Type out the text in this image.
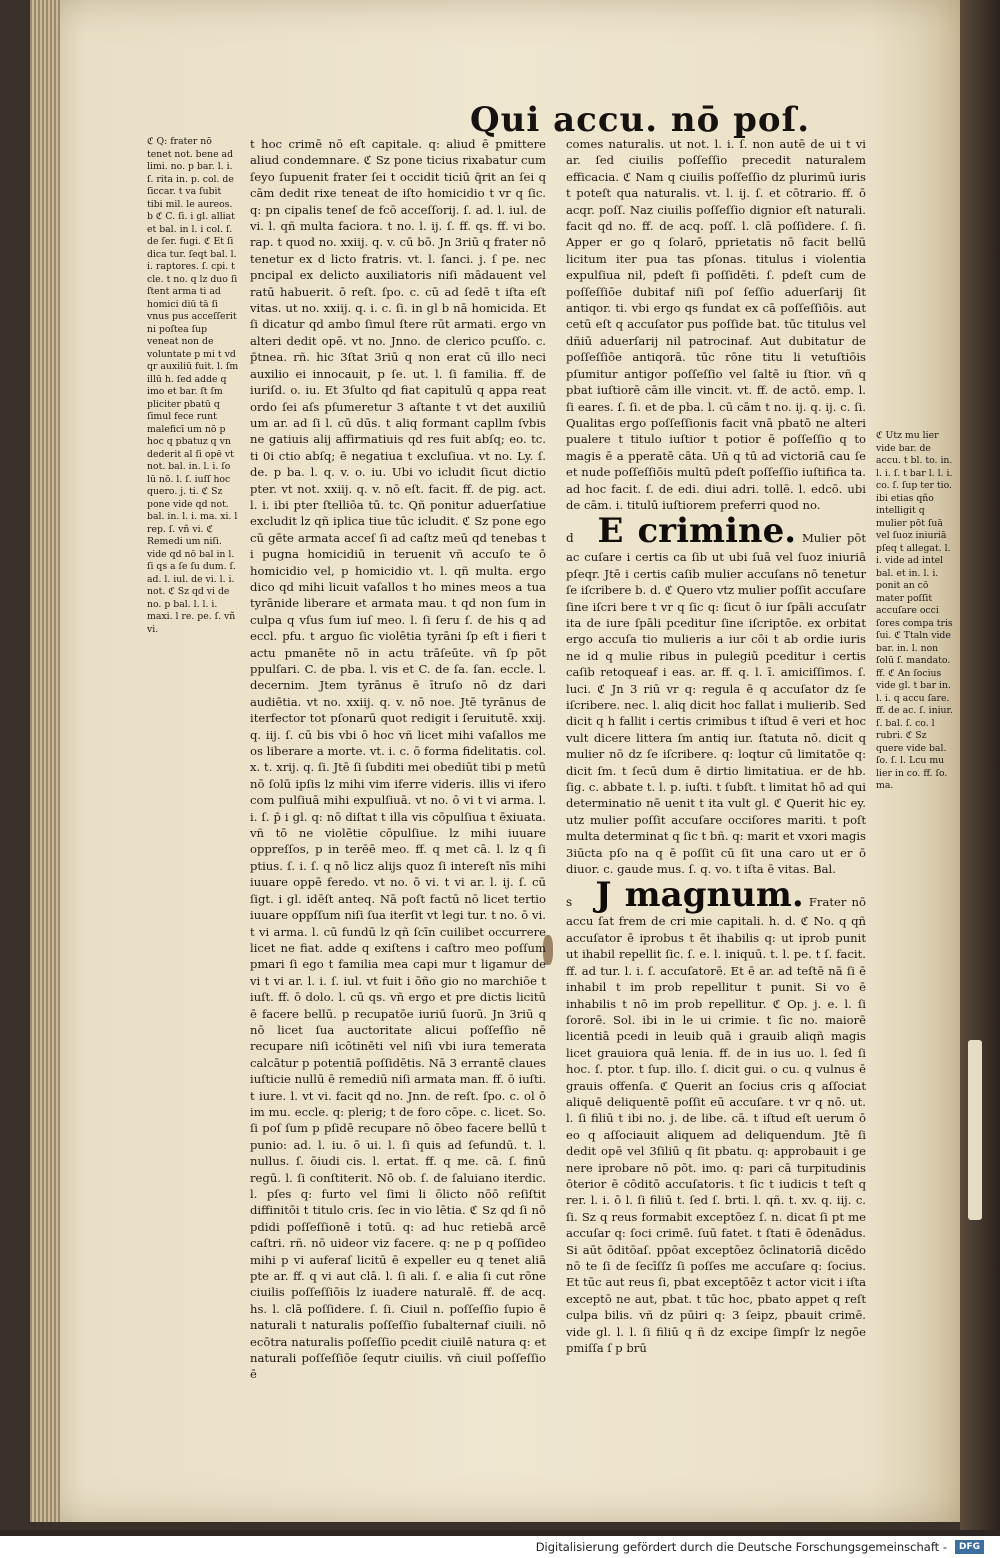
Qui accu. nō poſ.
ℭ Q: frater nō tenet not. bene ad limi. no. p bar. l. i. ſ. rita in. p. col. de ſiccar. t va ſubit tibi mil. le aureos. b ℭ C. ſi. i gl. alliat et bal. in l. i col. ſ. de ſer. fugi. ℭ Et ſi dica tur. ſeqt bal. l. i. raptores. ſ. cpi. t cle. t no. q lz duo ſi ſtent arma ti ad homici diū tā ſi vnus pus acceſſerit ni poſtea ſup veneat non de voluntate p mi t vd qr auxiliū fuit. l. ſm illū h. ſed adde q imo et bar. ſt ſm pliciter pbatū q ſimul fece runt maleficī um nō p hoc q pbatuz q vn dederit al ſi opē vt not. bal. in. l. i. ſo lū nō. l. ſ. iuſſ hoc quero. j. ti. ℭ Sz pone vide qd not. bal. in. l. i. ma. xi. l rep. ſ. vñ vi. ℭ Remedi um niſi. vide qd nō bal in l. ſi qs a ſe ſu dum. ſ. ad. l. iul. de vi. l. i. not. ℭ Sz qd vi de no. p bal. l. l. i. maxi. l re. pe. ſ. vñ vi.
t hoc crimē nō eſt capitale. q: aliud ē pmittere aliud condemnare. ℭ Sz pone ticius rixabatur cum ſeyo ſupuenit frater ſei t occidit ticiū q̄rit an ſei q cām dedit rixe teneat de iſto homicidio t vr q ſic. q: pn cipalis teneſ de fcō acceſſorij. ſ. ad. l. iul. de vi. l. qñ multa faciora. t no. l. ij. ſ. ff. qs. ff. vi bo. rap. t quod no. xxiij. q. v. cū bō. Jn 3riū q frater nō tenetur ex d licto fratris. vt. l. ſanci. j. ſ pe. nec pncipal ex delicto auxiliatoris niſi mādauent vel ratū habuerit. ō reſt. ſpo. c. cū ad ſedē t iſta eſt vitas. ut no. xxiij. q. i. c. ſi. in gl b nā homicida. Et ſi dicatur qd ambo ſimul ſtere rūt armati. ergo vn alteri dedit opē. vt no. Jnno. de clerico pcuſſo. c. p̄tnea. rñ. hic 3ſtat 3riū q non erat cū illo neci auxilio ei innocauit, p ſe. ut. l. ſi familia. ff. de iuriſd. o. iu. Et 3ſulto qd fiat capitulū q appa reat ordo ſei aſs pſumeretur 3 aſtante t vt det auxiliū um ar. ad ſi l. cū dūs. t aliq formant capllm ſvbis ne gatiuis alij affirmatiuis qd res fuit abſq; eo. tc. ti 0i ctio abſq; ē negatiua t excluſiua. vt no. Ly. ſ. de. p ba. l. q. v. o. iu. Ubi vo icludit ſicut dictio pter. vt not. xxiij. q. v. nō eſt. facit. ff. de pig. act. l. i. ibi pter ſtelliōa tū. tc. Qñ ponitur aduerſatiue excludit lz qñ iplica tiue tūc icludit. ℭ Sz pone ego cū gēte armata acceſ ſi ad caſtz meū qd tenebas t i pugna homicidiū in teruenit vñ accuſo te ō homicidio vel, p homicidio vt. l. qñ multa. ergo dico qd mihi licuit vaſallos t ho mines meos a tua tyrānide liberare et armata mau. t qd non ſum in culpa q vſus ſum iuſ meo. l. ſi ſeru ſ. de his q ad eccl. pfu. t arguo ſic violētia tyrāni ſp eſt i fieri t actu pmanēte nō in actu trāſeūte. vñ ſp pōt ppulſari. C. de pba. l. vis et C. de ſa. ſan. eccle. l. decernim. Jtem tyrānus ē ītruſo nō dz dari audiētia. vt no. xxiij. q. v. nō noe. Jtē tyrānus de iterfector tot pſonarū quot redigit i ſeruitutē. xxij. q. iij. ſ. cū bis vbi ō hoc vñ licet mihi vaſallos me os liberare a morte. vt. i. c. ō forma fidelitatis. col. x. t. xrij. q. ſi. Jtē ſi ſubditi mei obediūt tibi p metū nō ſolū ipſis lz mihi vim iferre videris. illis vi ifero com pulſiuā mihi expulſiuā. vt no. ō vi t vi arma. l. i. ſ. p̄ i gl. q: nō diſtat t illa vis cōpulſiua t ēxiuata. vñ tō ne violētie cōpulſiue. lz mihi iuuare oppreſſos, p in terēē meo. ff. q met cā. l. lz q ſi ptius. ſ. i. ſ. q nō licz alijs quoz ſi intereſt nīs mihi iuuare oppē feredo. vt no. ō vi. t vi ar. l. ij. ſ. cū ſigt. i gl. idēſt anteq. Nā poſt factū nō licet tertio iuuare oppſſum niſi ſua iterſit vt legi tur. t no. ō vi. t vi arma. l. cū fundū lz qñ ſcīn cuilibet occurrere licet ne fiat. adde q exiſtens i caſtro meo poſſum pmari ſi ego t familia mea capi mur t ligamur de vi t vi ar. l. i. ſ. iul. vt fuit i ōño gio no marchiōe t iuſt. ff. ō dolo. l. cū qs. vñ ergo et pre dictis licitū ē facere bellū. p recupatōe iuriū ſuorū. Jn 3riū q nō licet ſua auctoritate alicui poſſeſſio nē recupare niſi icōtinēti vel niſi vbi iura temerata calcātur p potentiā poſſidētis. Nā 3 errantē claues iuſticie nullū ē remediū niſi armata man. ff. ō iuſti. t iure. l. vt vi. facit qd no. Jnn. de reſt. ſpo. c. ol ō im mu. eccle. q: plerig; t de foro cōpe. c. licet. So. ſi poſ ſum p pſidē recupare nō ōbeo facere bellū t punio: ad. l. iu. ō ui. l. ſi quis ad ſefundū. t. l. nullus. ſ. ōiudi cis. l. ertat. ff. q me. cā. ſ. finū regū. l. ſi conſtiterit. Nō ob. ſ. de ſaluiano iterdic. l. pſes q: furto vel ſimi li ōlicto nōō reſiſtit diffinitōi t titulo cris. ſec in vio lētia. ℭ Sz qd ſi nō pdidi poſſeſſionē i totū. q: ad huc retiebā arcē caſtri. rñ. nō uideor viz facere. q: ne p q poſſideo mihi p vi auferaſ licitū ē expeller eu q tenet aliā pte ar. ff. q vi aut clā. l. ſi ali. ſ. e alia ſi cut rōne ciuilis poſſeſſiōis lz iuadere naturalē. ff. de acq. hs. l. clā poſſidere. ſ. ſi. Ciuil n. poſſeſſio ſupio ē naturali t naturalis poſſeſſio ſubalternaf ciuili. nō ecōtra naturalis poſſeſſio pcedit ciuilē natura q: et naturali poſſeſſiōe ſequtr ciuilis. vñ ciuil poſſeſſio ē

comes naturalis. ut not. l. i. ſ. non autē de ui t vi ar. ſed ciuilis poſſeſſio precedit naturalem efficacia. ℭ Nam q ciuilis poſſeſſio dz plurimū iuris t poteſt qua naturalis. vt. l. ij. ſ. et cōtrario. ff. ō acqr. poſſ. Naz ciuilis poſſeſſio dignior eſt naturali. facit qd no. ff. de acq. poſſ. l. clā poſſidere. ſ. ſi. Apper er go q ſolarō, pprietatis nō facit bellū licitum iter pua tas pſonas. titulus i violentia expulſiua nil, pdeſt ſi poſſidēti. ſ. pdeſt cum de poſſeſſiōe dubitaf niſi poſ ſeſſio aduerſarij ſit antiqor. ti. vbi ergo qs fundat ex cā poſſeſſiōis. aut cetū eſt q accuſator pus poſſide bat. tūc titulus vel dñiū aduerſarij nil patrocinaf. Aut dubitatur de poſſeſſiōe antiqorā. tūc rōne titu li vetuſtiōis pſumitur antigor poſſeſſio vel ſaltē iu ſtior. vñ q pbat iuſtiorē cām ille vincit. vt. ff. de actō. emp. l. ſi eares. ſ. ſi. et de pba. l. cū cām t no. ij. q. ij. c. ſi. Qualitas ergo poſſeſſionis facit vnā pbatō ne alteri pualere t titulo iuſtior t potior ē poſſeſſio q to magis ē a pperatē cāta. Uñ q tū ad victoriā cau ſe et nude poſſeſſiōis multū pdeſt poſſeſſio iuſtifica ta. ad hoc facit. ſ. de edi. diui adri. tollē. l. edcō. ubi de cām. i. titulū iuſtiorem preferri quod no.

d E crimine. Mulier pōt ac cuſare i certis ca ſib ut ubi ſuā vel ſuoz iniuriā pſeqr. Jtē i certis caſib mulier accuſans nō tenetur ſe iſcribere b. d. ℭ Quero vtz mulier poſſit accuſare ſine iſcri bere t vr q ſic q: ſicut ō iur ſpāli accuſatr ita de iure ſpāli pceditur ſine iſcriptōe. ex orbitat ergo accuſa tio mulieris a iur cōi t ab ordie iuris ne id q mulie ribus in pulegiū pceditur i certis caſib retoqueaf i eas. ar. ff. q. l. ī. amiciſſimos. ſ. luci. ℭ Jn 3 riū vr q: regula ē q accuſator dz ſe iſcribere. nec. l. aliq dicit hoc fallat i mulierib. Sed dicit q h fallit i certis crimibus t iſtud ē veri et hoc vult dicere littera ſm antiq iur. ſtatuta nō. dicit q mulier nō dz ſe iſcribere. q: loqtur cū limitatōe q: dicit ſm. t ſecū dum ē dirtio limitatiua. er de hb. ſig. c. abbate t. l. p. iuſti. t ſubſt. t limitat hō ad qui determinatio nē uenit t ita vult gl. ℭ Querit hic ey. utz mulier poſſit accuſare occiſores mariti. t poſt multa determinat q ſic t bñ. q: marit et vxori magis 3iūcta pſo na q ē poſſit cū ſit una caro ut er ō diuor. c. gaude mus. ſ. q. vo. t iſta ē vitas. Bal.

s J magnum. Frater nō accu ſat frem de cri mie capitali. h. d. ℭ No. q qñ accuſator ē iprobus t ēt ihabilis q: ut iprob punit ut ihabil repellit ſic. ſ. e. l. iniquū. t. l. pe. t ſ. facit. ff. ad tur. l. i. ſ. accuſatorē. Et ē ar. ad teſtē nā ſi ē inhabil t im prob repellitur t punit. Si vo ē inhabilis t nō im prob repellitur. ℭ Op. j. e. l. ſi ſororē. Sol. ibi in le ui crimie. t ſic no. maiorē licentiā pcedi in leuib quā i grauib aliqñ magis licet grauiora quā lenia. ff. de in ius uo. l. ſed ſi hoc. ſ. ptor. t ſup. illo. ſ. dicit gui. o cu. q vulnus ē grauis offenſa. ℭ Querit an ſocius cris q aſſociat aliquē deliquentē poſſit eū accuſare. t vr q nō. ut. l. ſi filiū t ibi no. j. de libe. cā. t iſtud eſt uerum ō eo q aſſociauit aliquem ad deliquendum. Jtē ſi dedit opē vel 3ſiliū q ſit pbatu. q: approbauit i ge nere iprobare nō pōt. imo. q: pari cā turpitudinis ōterior ē cōditō accuſatoris. t ſic t iudicis t teſt q rer. l. i. ō l. ſi filiū t. ſed ſ. brti. l. qñ. t. xv. q. iij. c. ſi. Sz q reus formabit exceptōez ſ. n. dicat ſi pt me accuſar q: ſoci crimē. ſuū fatet. t ſtati ē ōdenādus. Si aūt ōditōaſ. ppōat exceptōez ōclinatoriā dicēdo nō te ſi de ſecīſſz ſi poſſes me accuſare q: ſocius. Et tūc aut reus ſi, pbat exceptōēz t actor vicit i iſta exceptō ne aut, pbat. t tūc hoc, pbato appet q reſt culpa bilis. vñ dz pūiri q: 3 ſeipz, pbauit crimē. vide gl. l. l. ſi filiū q ñ dz excipe ſimpſr lz negōe pmiſſa ſ p brū

ℭ Utz mu lier vide bar. de accu. t bl. to. in. l. i. ſ. t bar l. l. i. co. ſ. ſup ter tio. ibi etias qño intelligit q mulier pōt ſuā vel ſuoz iniuriā pſeq t allegat. l. i. vide ad intel bal. et in. l. i. ponit an cō mater poſſit accuſare occi ſores compa tris ſui. ℭ Ttaln vide bar. in. l. non ſolū ſ. mandato. ff. ℭ An ſocius vide gl. t bar in. l. i. q accu ſare. ff. de ac. ſ. iniur. ſ. bal. ſ. co. l rubri. ℭ Sz quere vide bal. ſo. ſ. l. Lcu mu lier in co. ff. ſo. ma.
Digitalisierung gefördert durch die Deutsche Forschungsgemeinschaft -	DFG
